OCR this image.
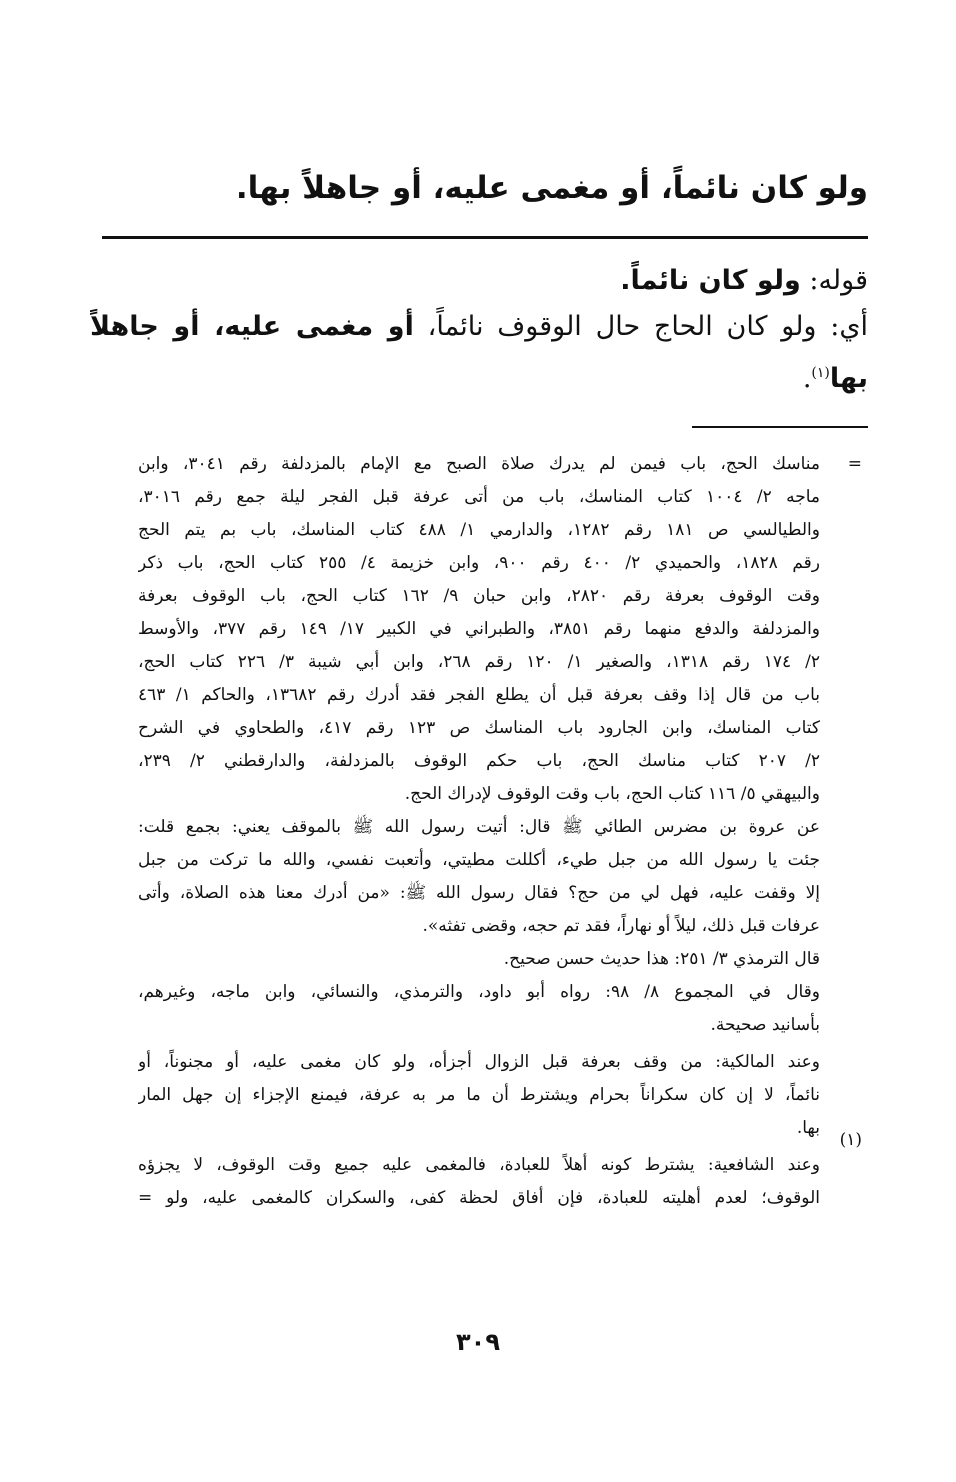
ولو كان نائماً، أو مغمى عليه، أو جاهلاً بها.
قوله: ولو كان نائماً.
أي: ولو كان الحاج حال الوقوف نائماً، أو مغمى عليه، أو جاهلاً
بها$^{(١)}$.
=
(١)
مناسك الحج، باب فيمن لم يدرك صلاة الصبح مع الإمام بالمزدلفة رقم ٣٠٤١، وابن
ماجه ٢/ ١٠٠٤ كتاب المناسك، باب من أتى عرفة قبل الفجر ليلة جمع رقم ٣٠١٦،
والطيالسي ص ١٨١ رقم ١٢٨٢، والدارمي ١/ ٤٨٨ كتاب المناسك، باب بم يتم الحج
رقم ١٨٢٨، والحميدي ٢/ ٤٠٠ رقم ٩٠٠، وابن خزيمة ٤/ ٢٥٥ كتاب الحج، باب ذكر
وقت الوقوف بعرفة رقم ٢٨٢٠، وابن حبان ٩/ ١٦٢ كتاب الحج، باب الوقوف بعرفة
والمزدلفة والدفع منهما رقم ٣٨٥١، والطبراني في الكبير ١٧/ ١٤٩ رقم ٣٧٧، والأوسط
٢/ ١٧٤ رقم ١٣١٨، والصغير ١/ ١٢٠ رقم ٢٦٨، وابن أبي شيبة ٣/ ٢٢٦ كتاب الحج،
باب من قال إذا وقف بعرفة قبل أن يطلع الفجر فقد أدرك رقم ١٣٦٨٢، والحاكم ١/ ٤٦٣
كتاب المناسك، وابن الجارود باب المناسك ص ١٢٣ رقم ٤١٧، والطحاوي في الشرح
٢/ ٢٠٧ كتاب مناسك الحج، باب حكم الوقوف بالمزدلفة، والدارقطني ٢/ ٢٣٩،
والبيهقي ٥/ ١١٦ كتاب الحج، باب وقت الوقوف لإدراك الحج.
عن عروة بن مضرس الطائي ﷺ قال: أتيت رسول الله ﷺ بالموقف يعني: بجمع قلت:
جئت يا رسول الله من جبل طيء، أكللت مطيتي، وأتعبت نفسي، والله ما تركت من جبل
إلا وقفت عليه، فهل لي من حج؟ فقال رسول الله ﷺ: «من أدرك معنا هذه الصلاة، وأتى
عرفات قبل ذلك، ليلاً أو نهاراً، فقد تم حجه، وقضى تفثه».
قال الترمذي ٣/ ٢٥١: هذا حديث حسن صحيح.
وقال في المجموع ٨/ ٩٨: رواه أبو داود، والترمذي، والنسائي، وابن ماجه، وغيرهم،
بأسانيد صحيحة.
وعند المالكية: من وقف بعرفة قبل الزوال أجزأه، ولو كان مغمى عليه، أو مجنوناً، أو
نائماً، لا إن كان سكراناً بحرام ويشترط أن ما مر به عرفة، فيمنع الإجزاء إن جهل المار
بها.
وعند الشافعية: يشترط كونه أهلاً للعبادة، فالمغمى عليه جميع وقت الوقوف، لا يجزؤه
الوقوف؛ لعدم أهليته للعبادة، فإن أفاق لحظة كفى، والسكران كالمغمى عليه، ولو =
٣٠٩
